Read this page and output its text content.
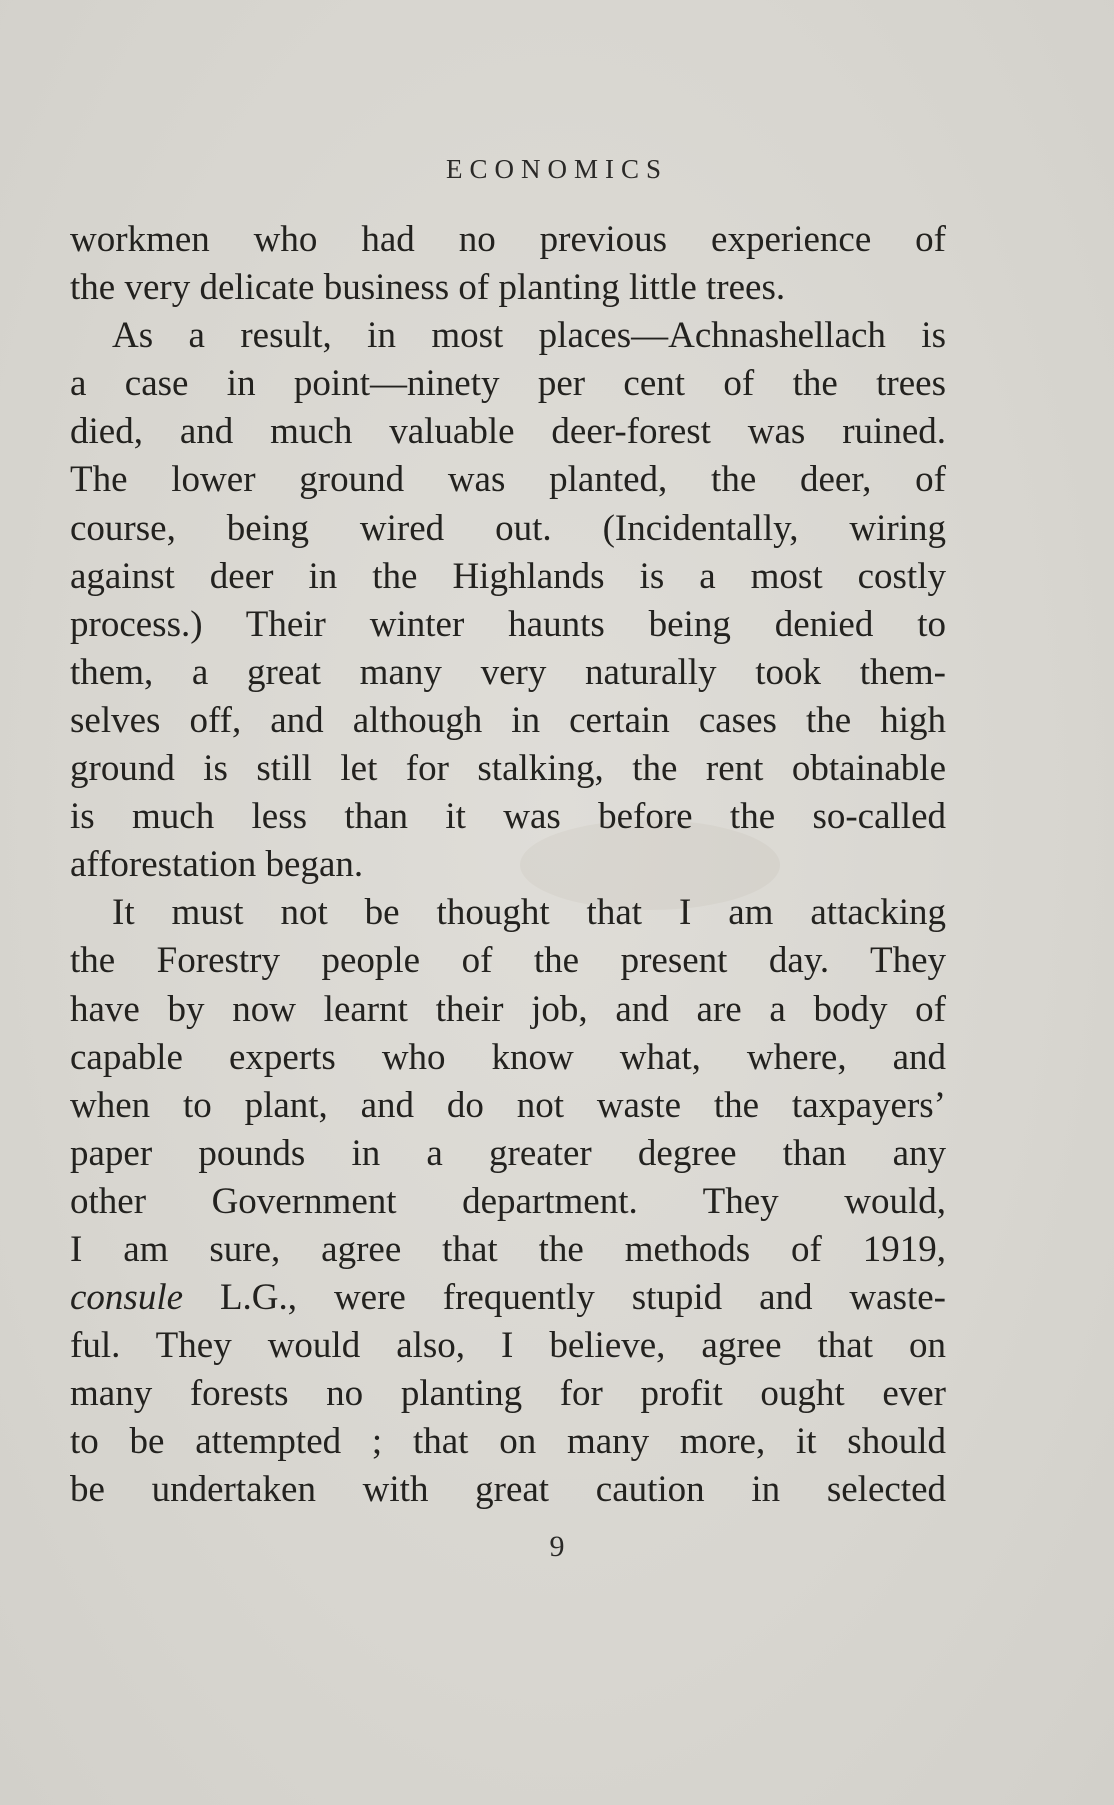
ECONOMICS
workmen who had no previous experience of
the very delicate business of planting little trees.
As a result, in most places—Achnashellach is
a case in point—ninety per cent of the trees
died, and much valuable deer-forest was ruined.
The lower ground was planted, the deer, of
course, being wired out. (Incidentally, wiring
against deer in the Highlands is a most costly
process.) Their winter haunts being denied to
them, a great many very naturally took them-
selves off, and although in certain cases the high
ground is still let for stalking, the rent obtainable
is much less than it was before the so-called
afforestation began.
It must not be thought that I am attacking
the Forestry people of the present day. They
have by now learnt their job, and are a body of
capable experts who know what, where, and
when to plant, and do not waste the taxpayers’
paper pounds in a greater degree than any
other Government department. They would,
I am sure, agree that the methods of 1919,
consule L.G., were frequently stupid and waste-
ful. They would also, I believe, agree that on
many forests no planting for profit ought ever
to be attempted ; that on many more, it should
be undertaken with great caution in selected
9
